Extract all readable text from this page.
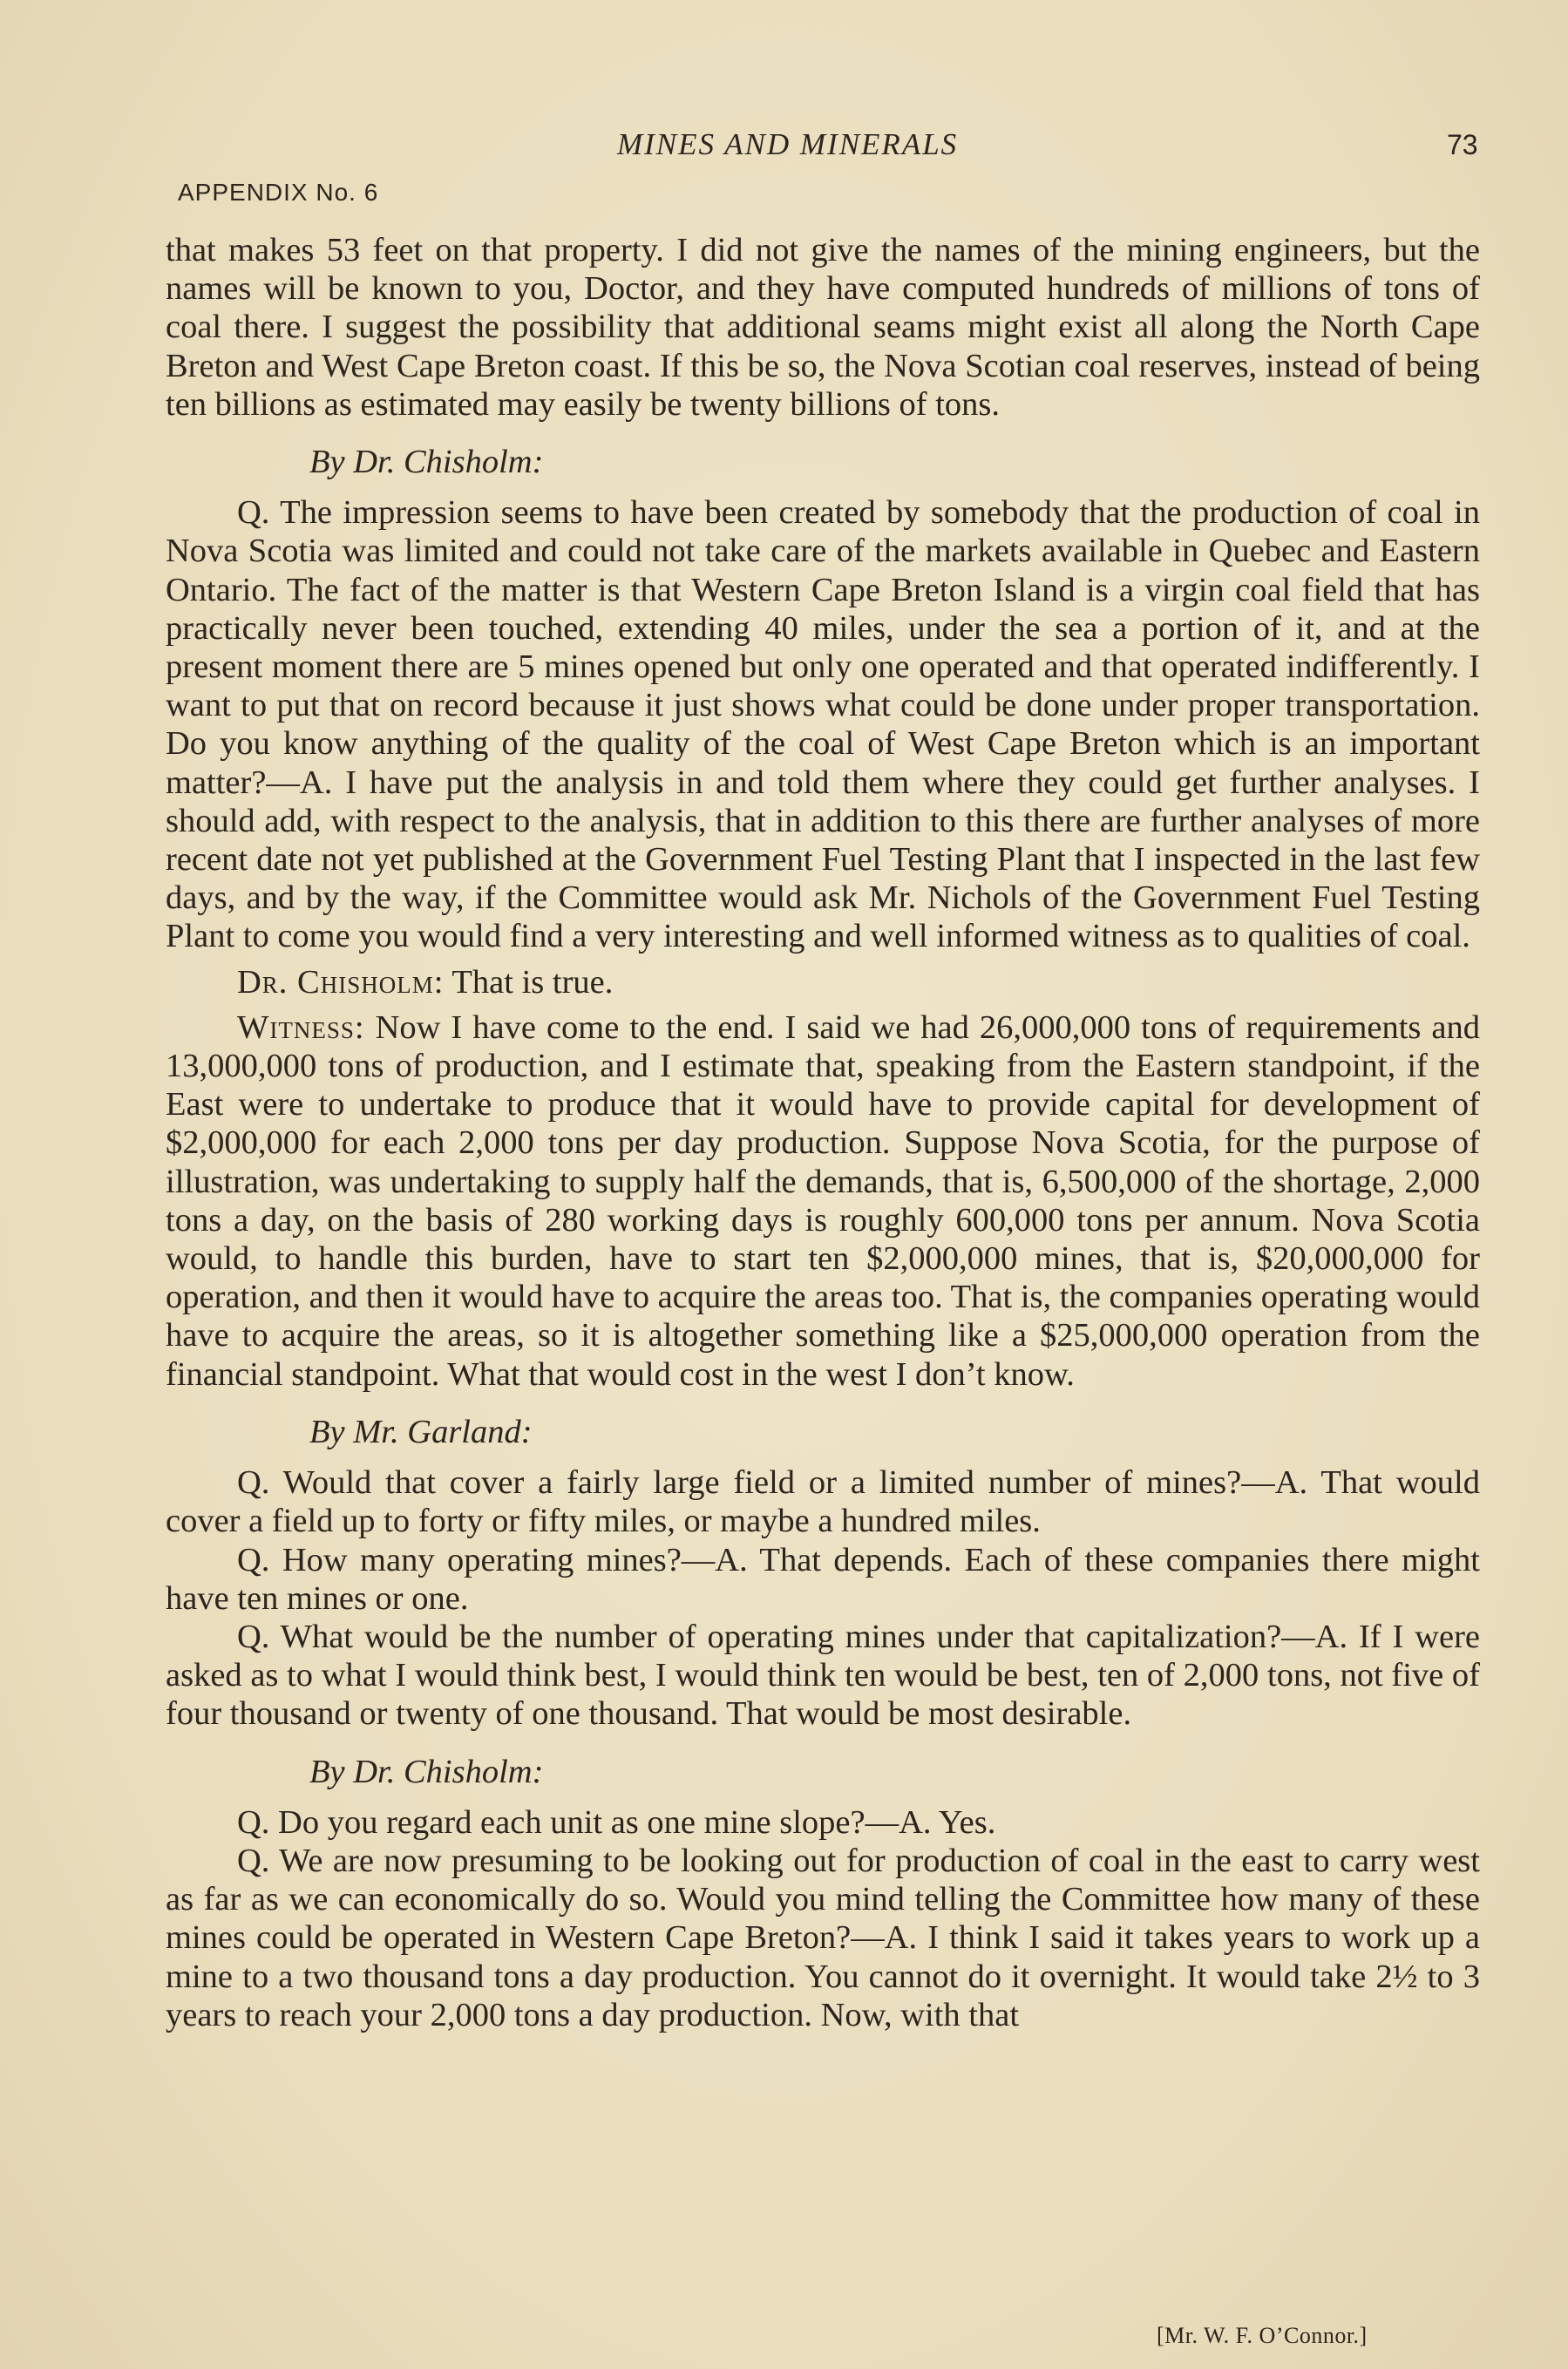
MINES AND MINERALS	73
APPENDIX No. 6

that makes 53 feet on that property. I did not give the names of the mining engineers, but the names will be known to you, Doctor, and they have computed hundreds of millions of tons of coal there. I suggest the possibility that additional seams might exist all along the North Cape Breton and West Cape Breton coast. If this be so, the Nova Scotian coal reserves, instead of being ten billions as estimated may easily be twenty billions of tons.

By Dr. Chisholm:

Q. The impression seems to have been created by somebody that the production of coal in Nova Scotia was limited and could not take care of the markets available in Quebec and Eastern Ontario. The fact of the matter is that Western Cape Breton Island is a virgin coal field that has practically never been touched, extending 40 miles, under the sea a portion of it, and at the present moment there are 5 mines opened but only one operated and that operated indifferently. I want to put that on record because it just shows what could be done under proper transportation. Do you know anything of the quality of the coal of West Cape Breton which is an important matter?—A. I have put the analysis in and told them where they could get further analyses. I should add, with respect to the analysis, that in addition to this there are further analyses of more recent date not yet published at the Government Fuel Testing Plant that I inspected in the last few days, and by the way, if the Committee would ask Mr. Nichols of the Government Fuel Testing Plant to come you would find a very interesting and well informed witness as to qualities of coal.

Dr. Chisholm: That is true.

Witness: Now I have come to the end. I said we had 26,000,000 tons of requirements and 13,000,000 tons of production, and I estimate that, speaking from the Eastern standpoint, if the East were to undertake to produce that it would have to provide capital for development of $2,000,000 for each 2,000 tons per day production. Suppose Nova Scotia, for the purpose of illustration, was undertaking to supply half the demands, that is, 6,500,000 of the shortage, 2,000 tons a day, on the basis of 280 working days is roughly 600,000 tons per annum. Nova Scotia would, to handle this burden, have to start ten $2,000,000 mines, that is, $20,000,000 for operation, and then it would have to acquire the areas too. That is, the companies operating would have to acquire the areas, so it is altogether something like a $25,000,000 operation from the financial standpoint. What that would cost in the west I don’t know.

By Mr. Garland:

Q. Would that cover a fairly large field or a limited number of mines?—A. That would cover a field up to forty or fifty miles, or maybe a hundred miles.

Q. How many operating mines?—A. That depends. Each of these companies there might have ten mines or one.

Q. What would be the number of operating mines under that capitalization?—A. If I were asked as to what I would think best, I would think ten would be best, ten of 2,000 tons, not five of four thousand or twenty of one thousand. That would be most desirable.

By Dr. Chisholm:

Q. Do you regard each unit as one mine slope?—A. Yes.

Q. We are now presuming to be looking out for production of coal in the east to carry west as far as we can economically do so. Would you mind telling the Committee how many of these mines could be operated in Western Cape Breton?—A. I think I said it takes years to work up a mine to a two thousand tons a day production. You cannot do it overnight. It would take 2½ to 3 years to reach your 2,000 tons a day production. Now, with that

[Mr. W. F. O’Connor.]
